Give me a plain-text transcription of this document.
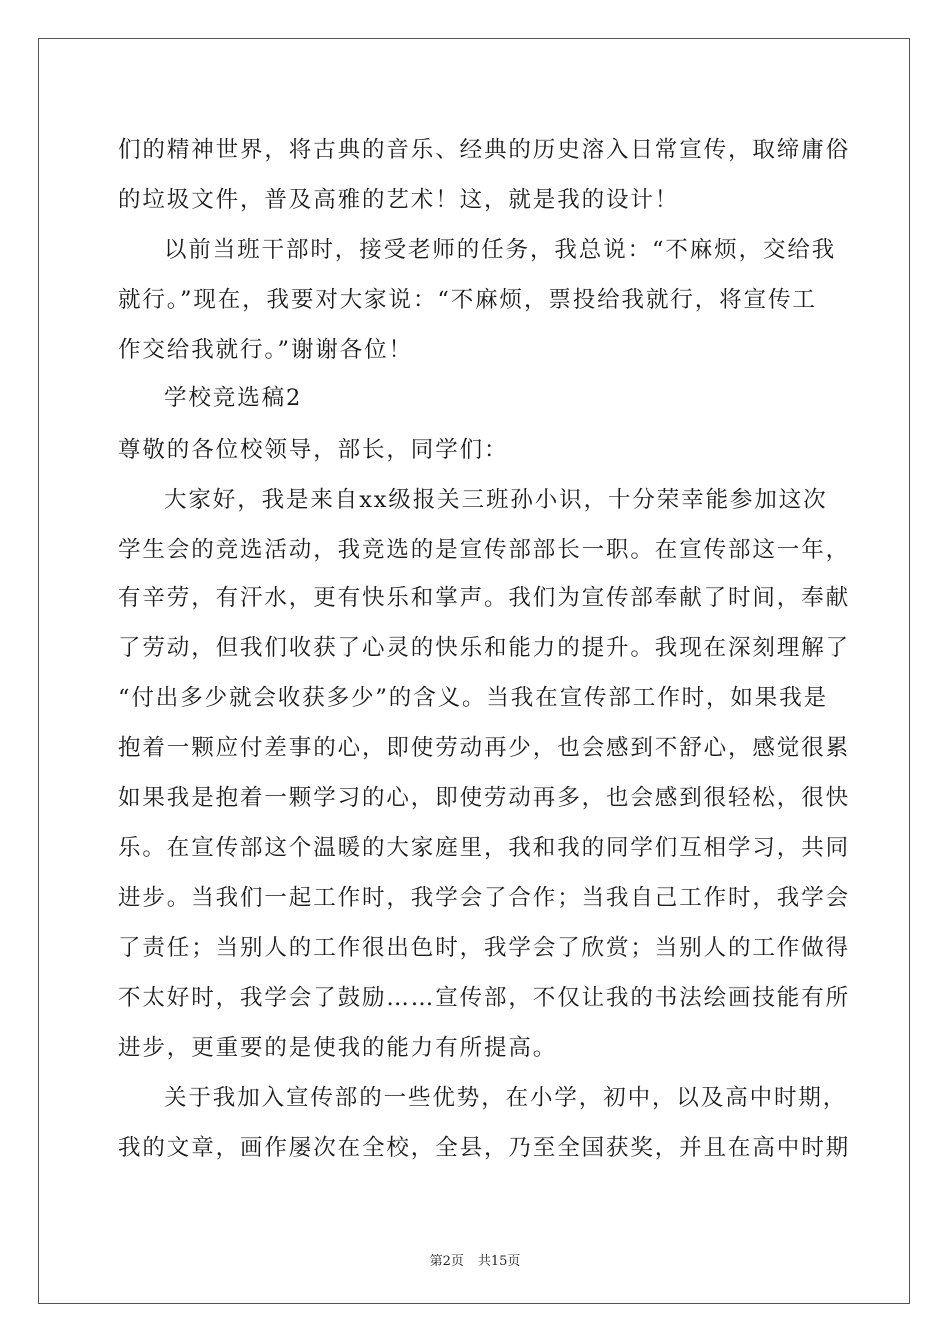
们的精神世界，将古典的音乐、经典的历史溶入日常宣传，取缔庸俗
的垃圾文件，普及高雅的艺术！这，就是我的设计！
以前当班干部时，接受老师的任务，我总说：“不麻烦，交给我
就行。”现在，我要对大家说：“不麻烦，票投给我就行，将宣传工
作交给我就行。”谢谢各位！
学校竞选稿2
尊敬的各位校领导，部长，同学们：
大家好，我是来自xx级报关三班孙小识，十分荣幸能参加这次
学生会的竞选活动，我竞选的是宣传部部长一职。在宣传部这一年，
有辛劳，有汗水，更有快乐和掌声。我们为宣传部奉献了时间，奉献
了劳动，但我们收获了心灵的快乐和能力的提升。我现在深刻理解了
“付出多少就会收获多少”的含义。当我在宣传部工作时，如果我是
抱着一颗应付差事的心，即使劳动再少，也会感到不舒心，感觉很累
如果我是抱着一颗学习的心，即使劳动再多，也会感到很轻松，很快
乐。在宣传部这个温暖的大家庭里，我和我的同学们互相学习，共同
进步。当我们一起工作时，我学会了合作；当我自己工作时，我学会
了责任；当别人的工作很出色时，我学会了欣赏；当别人的工作做得
不太好时，我学会了鼓励……宣传部，不仅让我的书法绘画技能有所
进步，更重要的是使我的能力有所提高。
关于我加入宣传部的一些优势，在小学，初中，以及高中时期，
我的文章，画作屡次在全校，全县，乃至全国获奖，并且在高中时期
第2页 共15页
